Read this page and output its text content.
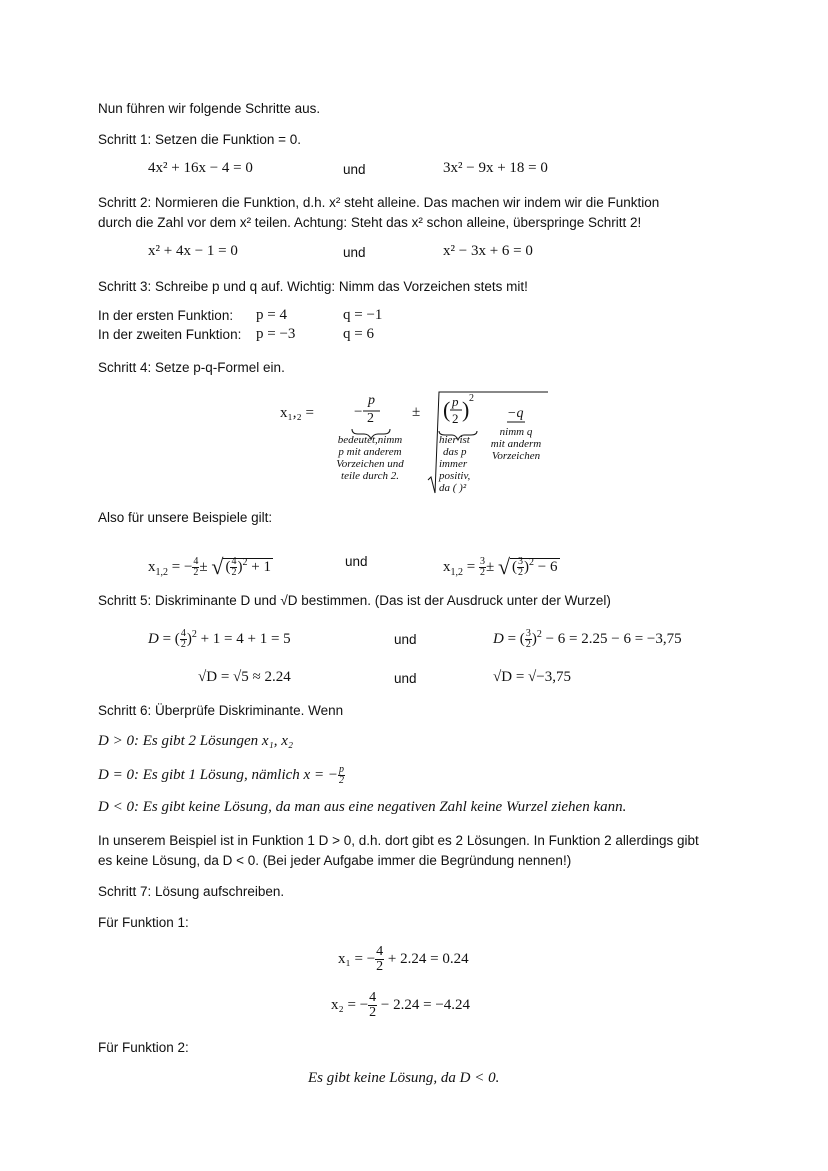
Nun führen wir folgende Schritte aus.
Schritt 1: Setzen die Funktion = 0.
4x² + 16x − 4 = 0	und	3x² − 9x + 18 = 0
Schritt 2: Normieren die Funktion, d.h. x² steht alleine. Das machen wir indem wir die Funktion
durch die Zahl vor dem x² teilen. Achtung: Steht das x² schon alleine, überspringe Schritt 2!
x² + 4x − 1 = 0	und	x² − 3x + 6 = 0
Schritt 3: Schreibe p und q auf. Wichtig: Nimm das Vorzeichen stets mit!
In der ersten Funktion: p = 4	q = −1
In der zweiten Funktion: p = −3	q = 6
Schritt 4: Setze p-q-Formel ein.
x₁,₂ =	−
p
2	± ( p
2 ) 2
−q
bedeutet,nimm
p mit anderem
Vorzeichen und
teile durch 2.
hier ist
das p
immer
positiv,
da ( )²
nimm q
mit anderm
Vorzeichen
Also für unsere Beispiele gilt:
$x_{1,2}$ = − $\frac{4}{2}$ ± √ ( $\frac{4}{2} )^2 + 1$	und	$x_{1,2} = \frac{3}{2}$ ± √ ( $\frac{3}{2} )^2 - 6$
Schritt 5: Diskriminante D und √D bestimmen. (Das ist der Ausdruck unter der Wurzel)
D = ( $\frac{4}{2} )^2 + 1 = 4 + 1 = 5$	und	D = ( $\frac{3}{2} )^2 - 6 = 2.25 - 6 = -3,75$
√D = √5 ≈ 2.24	und	√D = √−3,75
Schritt 6: Überprüfe Diskriminante. Wenn
D > 0: Es gibt 2 Lösungen x₁, x₂
D = 0: Es gibt 1 Lösung, nämlich x = − $\frac{p}{2}$
D < 0: Es gibt keine Lösung, da man aus eine negativen Zahl keine Wurzel ziehen kann.
In unserem Beispiel ist in Funktion 1 D > 0, d.h. dort gibt es 2 Lösungen. In Funktion 2 allerdings gibt
es keine Lösung, da D < 0. (Bei jeder Aufgabe immer die Begründung nennen!)
Schritt 7: Lösung aufschreiben.
Für Funktion 1:
x₁ = − $\frac{4}{2} + 2.24 = 0.24$
x₂ = − $\frac{4}{2} - 2.24 = -4.24$
Für Funktion 2:
Es gibt keine Lösung, da D < 0.
